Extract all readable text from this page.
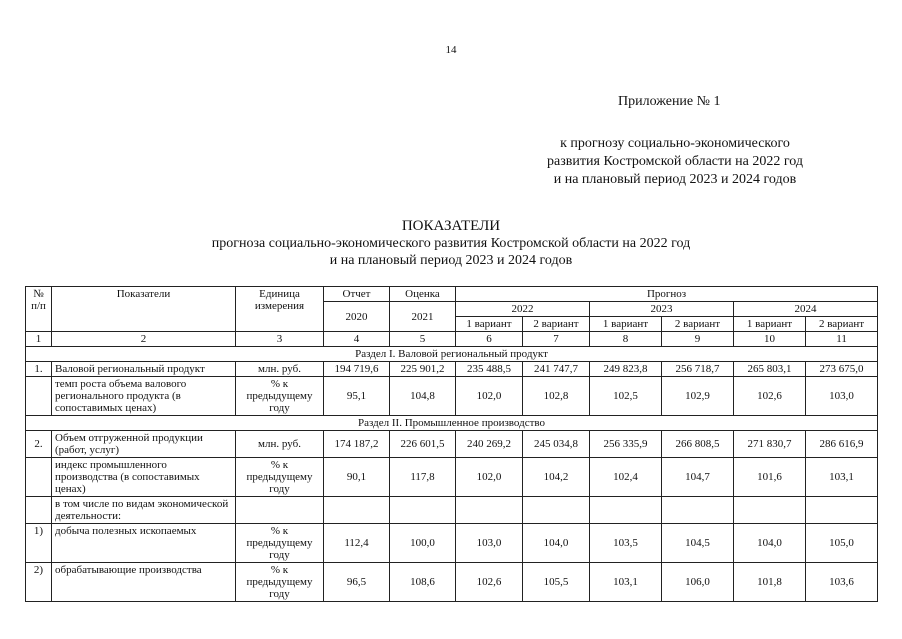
14
Приложение № 1
к прогнозу социально-экономического
развития Костромской области на 2022 год
и на плановый период 2023 и 2024 годов
ПОКАЗАТЕЛИ
прогноза социально-экономического развития Костромской области на 2022 год
и на плановый период 2023 и 2024 годов
№ п/п	Показатели	Единица измерения	Отчет	Оценка	Прогноз					
			2020	2021	2022		2023		2024	
					1 вариант	2 вариант	1 вариант	2 вариант	1 вариант	2 вариант
1	2	3	4	5	6	7	8	9	10	11
Раздел I. Валовой региональный продукт										
1.	Валовой региональный продукт	млн. руб.	194 719,6	225 901,2	235 488,5	241 747,7	249 823,8	256 718,7	265 803,1	273 675,0
	темп роста объема валового регионального продукта (в сопоставимых ценах)	% к предыдущему году	95,1	104,8	102,0	102,8	102,5	102,9	102,6	103,0
Раздел II. Промышленное производство										
2.	Объем отгруженной продукции (работ, услуг)	млн. руб.	174 187,2	226 601,5	240 269,2	245 034,8	256 335,9	266 808,5	271 830,7	286 616,9
	индекс промышленного производства (в сопоставимых ценах)	% к предыдущему году	90,1	117,8	102,0	104,2	102,4	104,7	101,6	103,1
	в том числе по видам экономической деятельности:									
1)	добыча полезных ископаемых	% к предыдущему году	112,4	100,0	103,0	104,0	103,5	104,5	104,0	105,0
2)	обрабатывающие производства	% к предыдущему году	96,5	108,6	102,6	105,5	103,1	106,0	101,8	103,6
